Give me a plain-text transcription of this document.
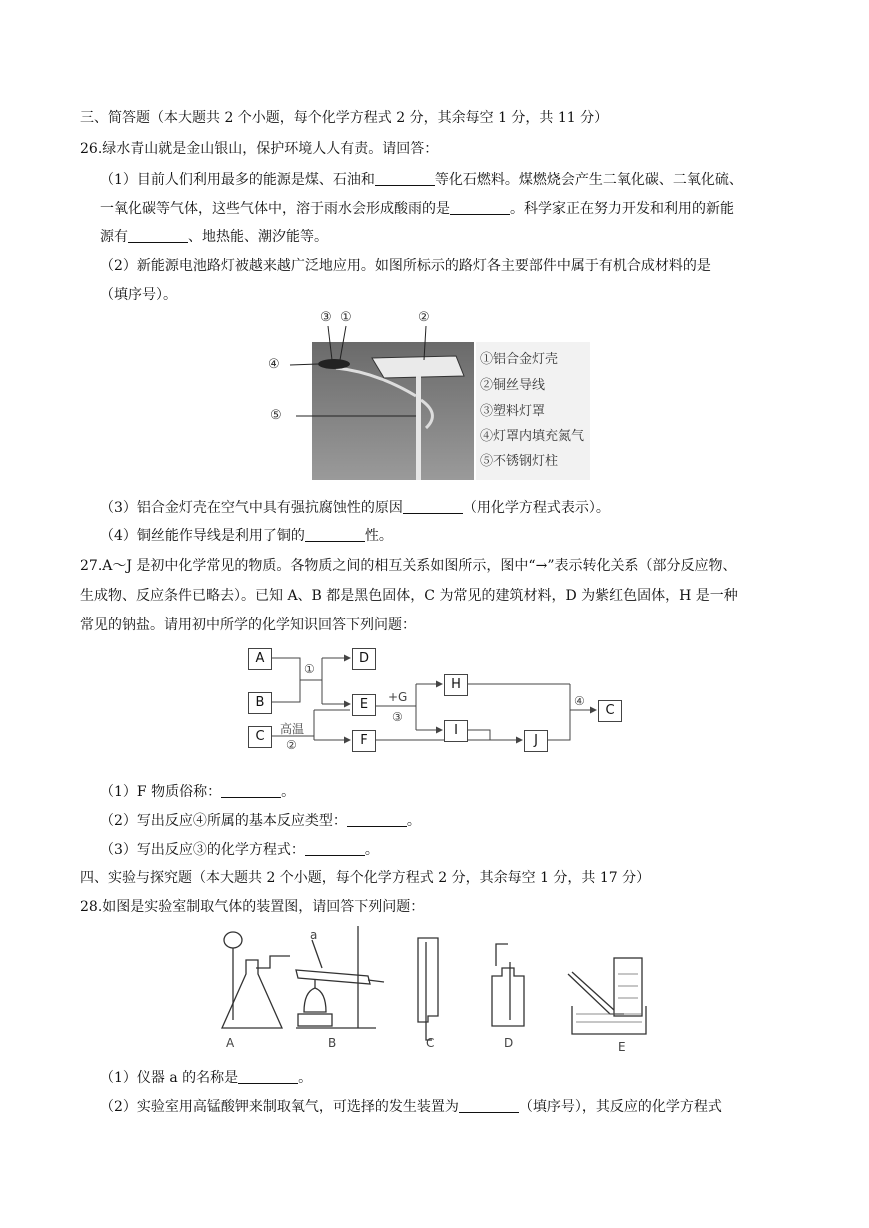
三、简答题（本大题共 2 个小题，每个化学方程式 2 分，其余每空 1 分，共 11 分）
26.绿水青山就是金山银山，保护环境人人有责。请回答：
（1）目前人们利用最多的能源是煤、石油和	等化石燃料。煤燃烧会产生二氧化碳、二氧化硫、
一氧化碳等气体，这些气体中，溶于雨水会形成酸雨的是	。科学家正在努力开发和利用的新能
源有	、地热能、潮汐能等。
（2）新能源电池路灯被越来越广泛地应用。如图所标示的路灯各主要部件中属于有机合成材料的是
（填序号）。
③ ①	②
④
⑤
①铝合金灯壳
②铜丝导线
③塑料灯罩
④灯罩内填充氮气
⑤不锈钢灯柱
（3）铝合金灯壳在空气中具有强抗腐蚀性的原因	（用化学方程式表示）。
（4）铜丝能作导线是利用了铜的	性。
27.A～J 是初中化学常见的物质。各物质之间的相互关系如图所示，图中“→”表示转化关系（部分反应物、
生成物、反应条件已略去）。已知 A、B 都是黑色固体，C 为常见的建筑材料，D 为紫红色固体，H 是一种
常见的钠盐。请用初中所学的化学知识回答下列问题：
A
B
C
D
E
F
H
I
J
C
①
高温
②
+G
③
④
（1）F 物质俗称：	。
（2）写出反应④所属的基本反应类型：	。
（3）写出反应③的化学方程式：	。
四、实验与探究题（本大题共 2 个小题，每个化学方程式 2 分，其余每空 1 分，共 17 分）
28.如图是实验室制取气体的装置图，请回答下列问题：
a
A	B	C	D	E
（1）仪器 a 的名称是	。
（2）实验室用高锰酸钾来制取氧气，可选择的发生装置为	（填序号），其反应的化学方程式
